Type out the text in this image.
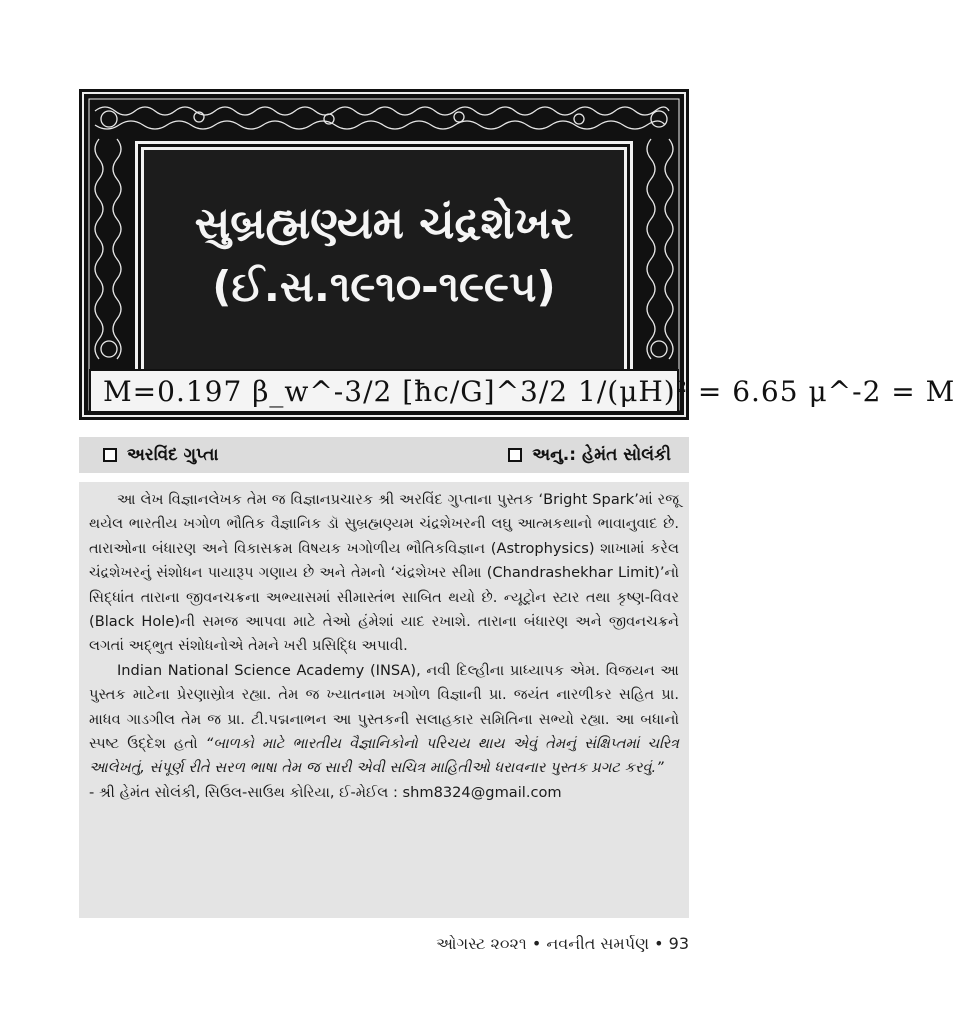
સુબ્રહ્મણ્યમ ચંદ્રશેખર
(ઈ.સ.૧૯૧૦-૧૯૯૫)
M=0.197 β_w^-3/2 [ħc/G]^3/2 1/(μH)² = 6.65 μ^-2 = M
અરવિંદ ગુપ્તા	અનુ.: હેમંત સોલંકી

આ લેખ વિજ્ઞાનલેખક તેમ જ વિજ્ઞાનપ્રચારક શ્રી અરવિંદ ગુપ્તાના પુસ્તક ‘Bright Spark’માં રજૂ થયેલ ભારતીય ખગોળ ભૌતિક વૈજ્ઞાનિક ડૉ સુબ્રહ્મણ્યમ ચંદ્રશેખરની લઘુ આત્મકથાનો ભાવાનુવાદ છે. તારાઓના બંધારણ અને વિકાસક્રમ વિષયક ખગોળીય ભૌતિકવિજ્ઞાન (Astrophysics) શાખામાં કરેલ ચંદ્રશેખરનું સંશોધન પાયારૂપ ગણાય છે અને તેમનો ‘ચંદ્રશેખર સીમા (Chandrashekhar Limit)’નો સિદ્ધાંત તારાના જીવનચક્રના અભ્યાસમાં સીમાસ્તંભ સાબિત થયો છે. ન્યૂટ્રોન સ્ટાર તથા કૃષ્ણ-વિવર (Black Hole)ની સમજ આપવા માટે તેઓ હંમેશાં યાદ રખાશે. તારાના બંધારણ અને જીવનચક્રને લગતાં અદ્ભુત સંશોધનોએ તેમને ખરી પ્રસિદ્ધિ અપાવી.

Indian National Science Academy (INSA), નવી દિલ્હીના પ્રાધ્યાપક એમ. વિજયન આ પુસ્તક માટેના પ્રેરણાસ્રોત્ર રહ્યા. તેમ જ ખ્યાતનામ ખગોળ વિજ્ઞાની પ્રા. જયંત નારળીકર સહિત પ્રા. માધવ ગાડગીલ તેમ જ પ્રા. ટી.પદ્મનાભન આ પુસ્તકની સલાહકાર સમિતિના સભ્યો રહ્યા. આ બધાનો સ્પષ્ટ ઉદ્દેશ હતો “બાળકો માટે ભારતીય વૈજ્ઞાનિકોનો પરિચય થાય એવું તેમનું સંક્ષિપ્તમાં ચરિત્ર આલેખતું, સંપૂર્ણ રીતે સરળ ભાષા તેમ જ સારી એવી સચિત્ર માહિતીઓ ધરાવનાર પુસ્તક પ્રગટ કરવું.”

- શ્રી હેમંત સોલંકી, સિઉલ-સાઉથ કોરિયા, ઈ-મેઈલ : shm8324@gmail.com

ઓગસ્ટ ૨૦૨૧ • નવનીત સમર્પણ • 93
